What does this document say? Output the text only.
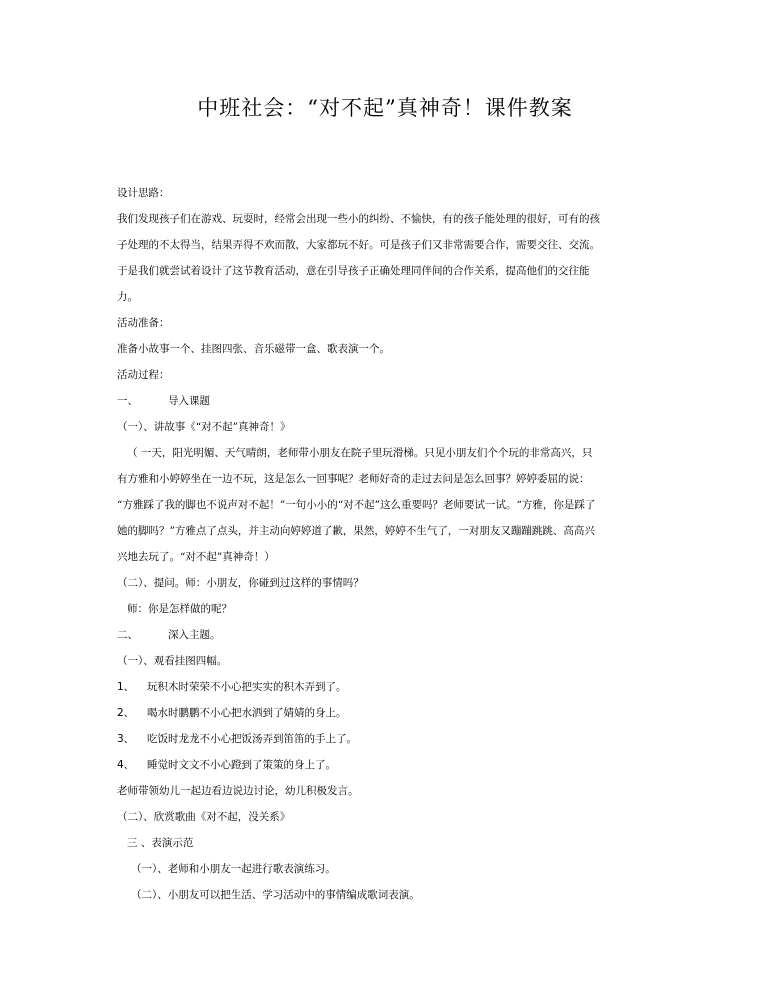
中班社会：“对不起”真神奇！课件教案
设计思路：
我们发现孩子们在游戏、玩耍时，经常会出现一些小的纠纷、不愉快，有的孩子能处理的很好，可有的孩
子处理的不太得当，结果弄得不欢而散，大家都玩不好。可是孩子们又非常需要合作，需要交往、交流。
于是我们就尝试着设计了这节教育活动，意在引导孩子正确处理同伴间的合作关系，提高他们的交往能
力。
活动准备：
准备小故事一个、挂图四张、音乐磁带一盒、歌表演一个。
活动过程：
一、	导入课题
（一）、讲故事《“对不起”真神奇！》
（ 一天，阳光明媚、天气晴朗，老师带小朋友在院子里玩滑梯。只见小朋友们个个玩的非常高兴，只
有方雅和小婷婷坐在一边不玩，这是怎么一回事呢？老师好奇的走过去问是怎么回事？婷婷委屈的说：
“方雅踩了我的脚也不说声对不起！”一句小小的“对不起”这么重要吗？老师要试一试。“方雅，你是踩了
她的脚吗？”方雅点了点头，并主动向婷婷道了歉，果然，婷婷不生气了，一对朋友又蹦蹦跳跳、高高兴
兴地去玩了。“对不起”真神奇！）
（二）、提问。师：小朋友，你碰到过这样的事情吗？
师：你是怎样做的呢？
二、	深入主题。
（一）、观看挂图四幅。
1、 玩积木时荣荣不小心把实实的积木弄到了。
2、 喝水时鹏鹏不小心把水洒到了婧婧的身上。
3、 吃饭时龙龙不小心把饭汤弄到笛笛的手上了。
4、 睡觉时文文不小心蹬到了策策的身上了。
老师带领幼儿一起边看边说边讨论，幼儿积极发言。
（二）、欣赏歌曲《对不起，没关系》
三 、表演示范
（一）、老师和小朋友一起进行歌表演练习。
（二）、小朋友可以把生活、学习活动中的事情编成歌词表演。
